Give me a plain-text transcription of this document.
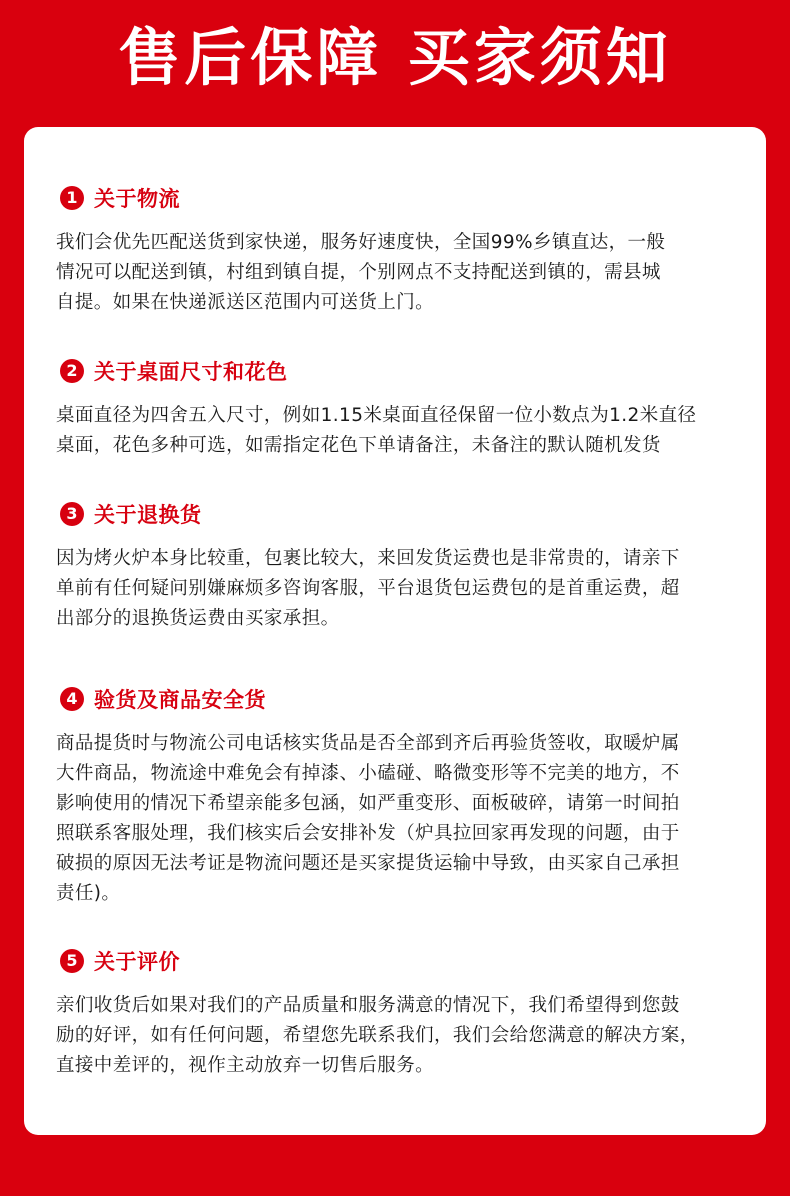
售后保障 买家须知
1 关于物流
我们会优先匹配送货到家快递，服务好速度快，全国99%乡镇直达，一般
情况可以配送到镇，村组到镇自提，个别网点不支持配送到镇的，需县城
自提。如果在快递派送区范围内可送货上门。
2 关于桌面尺寸和花色
桌面直径为四舍五入尺寸，例如1.15米桌面直径保留一位小数点为1.2米直径
桌面，花色多种可选，如需指定花色下单请备注，未备注的默认随机发货
3 关于退换货
因为烤火炉本身比较重，包裹比较大，来回发货运费也是非常贵的，请亲下
单前有任何疑问别嫌麻烦多咨询客服，平台退货包运费包的是首重运费，超
出部分的退换货运费由买家承担。
4 验货及商品安全货
商品提货时与物流公司电话核实货品是否全部到齐后再验货签收，取暖炉属
大件商品，物流途中难免会有掉漆、小磕碰、略微变形等不完美的地方，不
影响使用的情况下希望亲能多包涵，如严重变形、面板破碎，请第一时间拍
照联系客服处理，我们核实后会安排补发（炉具拉回家再发现的问题，由于
破损的原因无法考证是物流问题还是买家提货运输中导致，由买家自己承担
责任)。
5 关于评价
亲们收货后如果对我们的产品质量和服务满意的情况下，我们希望得到您鼓
励的好评，如有任何问题，希望您先联系我们，我们会给您满意的解决方案，
直接中差评的，视作主动放弃一切售后服务。
